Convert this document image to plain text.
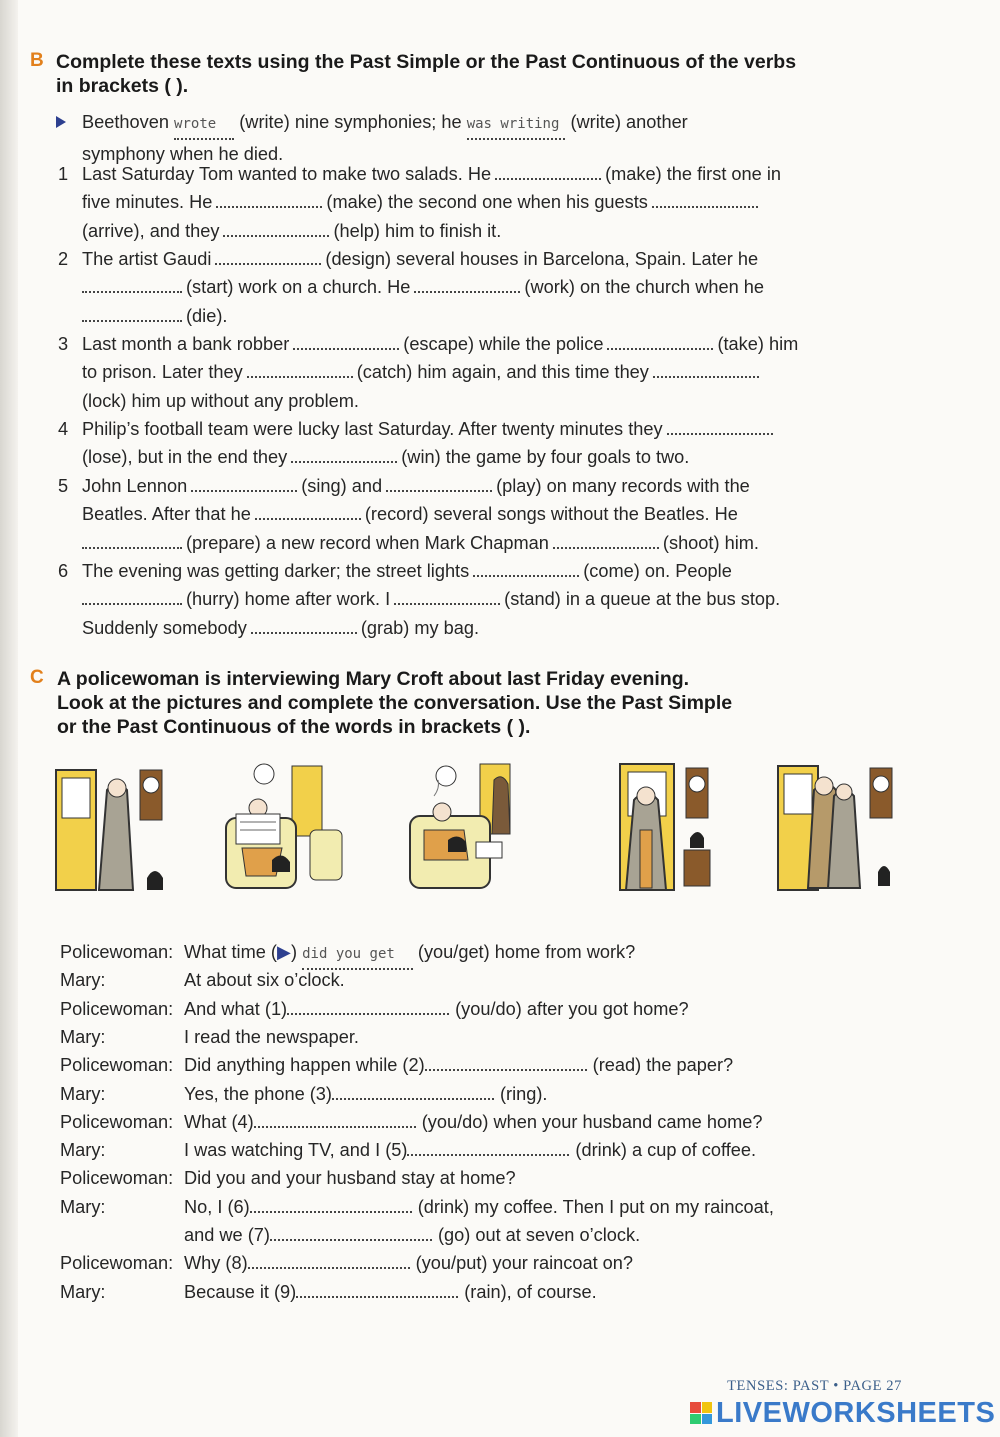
B Complete these texts using the Past Simple or the Past Continuous of the verbs
in brackets ( ).
Beethoven wrote (write) nine symphonies; he was writing (write) another
symphony when he died.
1 Last Saturday Tom wanted to make two salads. He	(make) the first one in
five minutes. He	(make) the second one when his guests
(arrive), and they	(help) him to finish it.
2 The artist Gaudi	(design) several houses in Barcelona, Spain. Later he
(start) work on a church. He	(work) on the church when he
(die).
3 Last month a bank robber	(escape) while the police	(take) him
to prison. Later they	(catch) him again, and this time they
(lock) him up without any problem.
4 Philip’s football team were lucky last Saturday. After twenty minutes they
(lose), but in the end they	(win) the game by four goals to two.
5 John Lennon	(sing) and	(play) on many records with the
Beatles. After that he	(record) several songs without the Beatles. He
(prepare) a new record when Mark Chapman	(shoot) him.
6 The evening was getting darker; the street lights	(come) on. People
(hurry) home after work. I	(stand) in a queue at the bus stop.
Suddenly somebody	(grab) my bag.
C A policewoman is interviewing Mary Croft about last Friday evening.
Look at the pictures and complete the conversation. Use the Past Simple
or the Past Continuous of the words in brackets ( ).
Policewoman: What time (▶) did you get (you/get) home from work?
Mary:	At about six o’clock.
Policewoman: And what (1)	(you/do) after you got home?
Mary:	I read the newspaper.
Policewoman: Did anything happen while (2)	(read) the paper?
Mary:	Yes, the phone (3)	(ring).
Policewoman: What (4)	(you/do) when your husband came home?
Mary:	I was watching TV, and I (5)	(drink) a cup of coffee.
Policewoman: Did you and your husband stay at home?
Mary:	No, I (6)	(drink) my coffee. Then I put on my raincoat,
and we (7)	(go) out at seven o’clock.
Policewoman: Why (8)	(you/put) your raincoat on?
Mary:	Because it (9)	(rain), of course.
TENSES: PAST • PAGE 27
LIVEWORKSHEETS
